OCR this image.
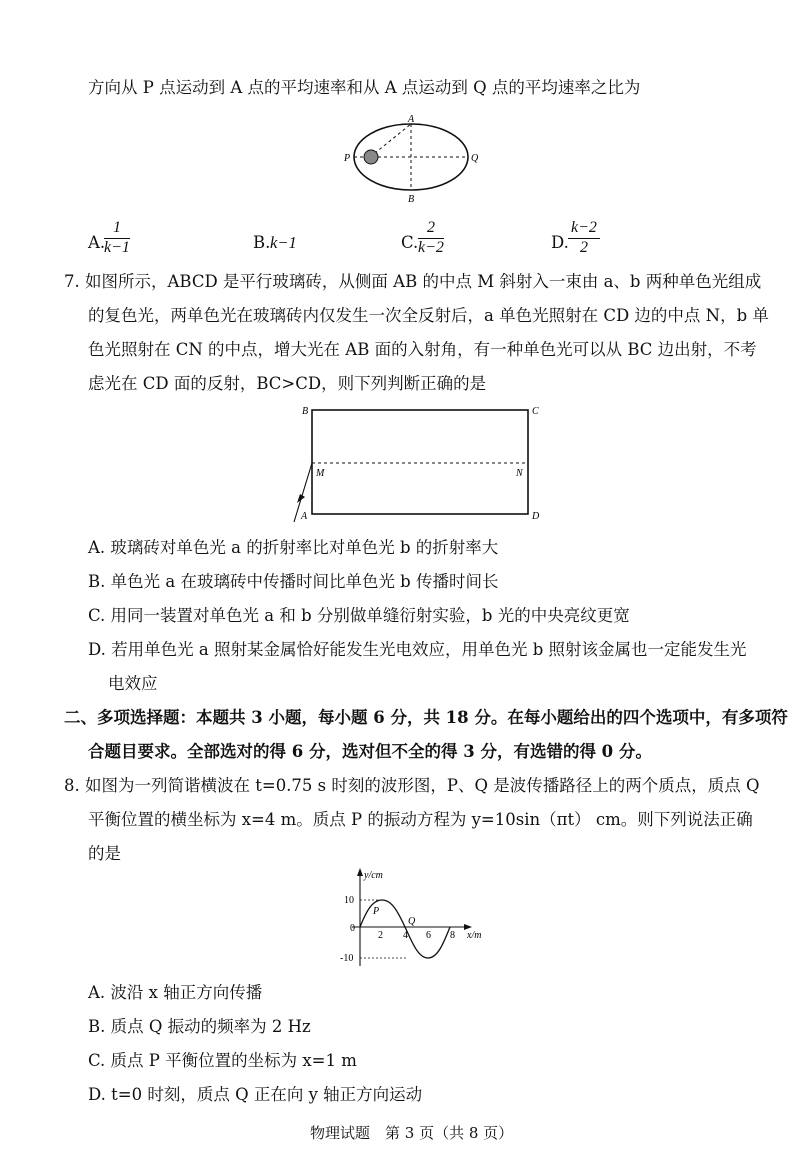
方向从 P 点运动到 A 点的平均速率和从 A 点运动到 Q 点的平均速率之比为
A
B
P	Q
A.
$\frac{1}{k-1}$	B. k−1	C. $\frac{2}{k-2}$	D. $\frac{k-2}{2}$
7. 如图所示，ABCD 是平行玻璃砖，从侧面 AB 的中点 M 斜射入一束由 a、b 两种单色光组成
的复色光，两单色光在玻璃砖内仅发生一次全反射后，a 单色光照射在 CD 边的中点 N，b 单
色光照射在 CN 的中点，增大光在 AB 面的入射角，有一种单色光可以从 BC 边出射，不考
虑光在 CD 面的反射，BC>CD，则下列判断正确的是
B	C
M	N
A	D
A. 玻璃砖对单色光 a 的折射率比对单色光 b 的折射率大
B. 单色光 a 在玻璃砖中传播时间比单色光 b 传播时间长
C. 用同一装置对单色光 a 和 b 分别做单缝衍射实验，b 光的中央亮纹更宽
D. 若用单色光 a 照射某金属恰好能发生光电效应，用单色光 b 照射该金属也一定能发生光
电效应
二、多项选择题：本题共 3 小题，每小题 6 分，共 18 分。在每小题给出的四个选项中，有多项符
合题目要求。全部选对的得 6 分，选对但不全的得 3 分，有选错的得 0 分。
8. 如图为一列简谐横波在 t=0.75 s 时刻的波形图，P、Q 是波传播路径上的两个质点，质点 Q
平衡位置的横坐标为 x=4 m。质点 P 的振动方程为 y=10sin（πt） cm。则下列说法正确
的是
y/cm
x/m
10
0
-10
2 4 6 8
P
Q
A. 波沿 x 轴正方向传播
B. 质点 Q 振动的频率为 2 Hz
C. 质点 P 平衡位置的坐标为 x=1 m
D. t=0 时刻，质点 Q 正在向 y 轴正方向运动
物理试题　第 3 页（共 8 页）
